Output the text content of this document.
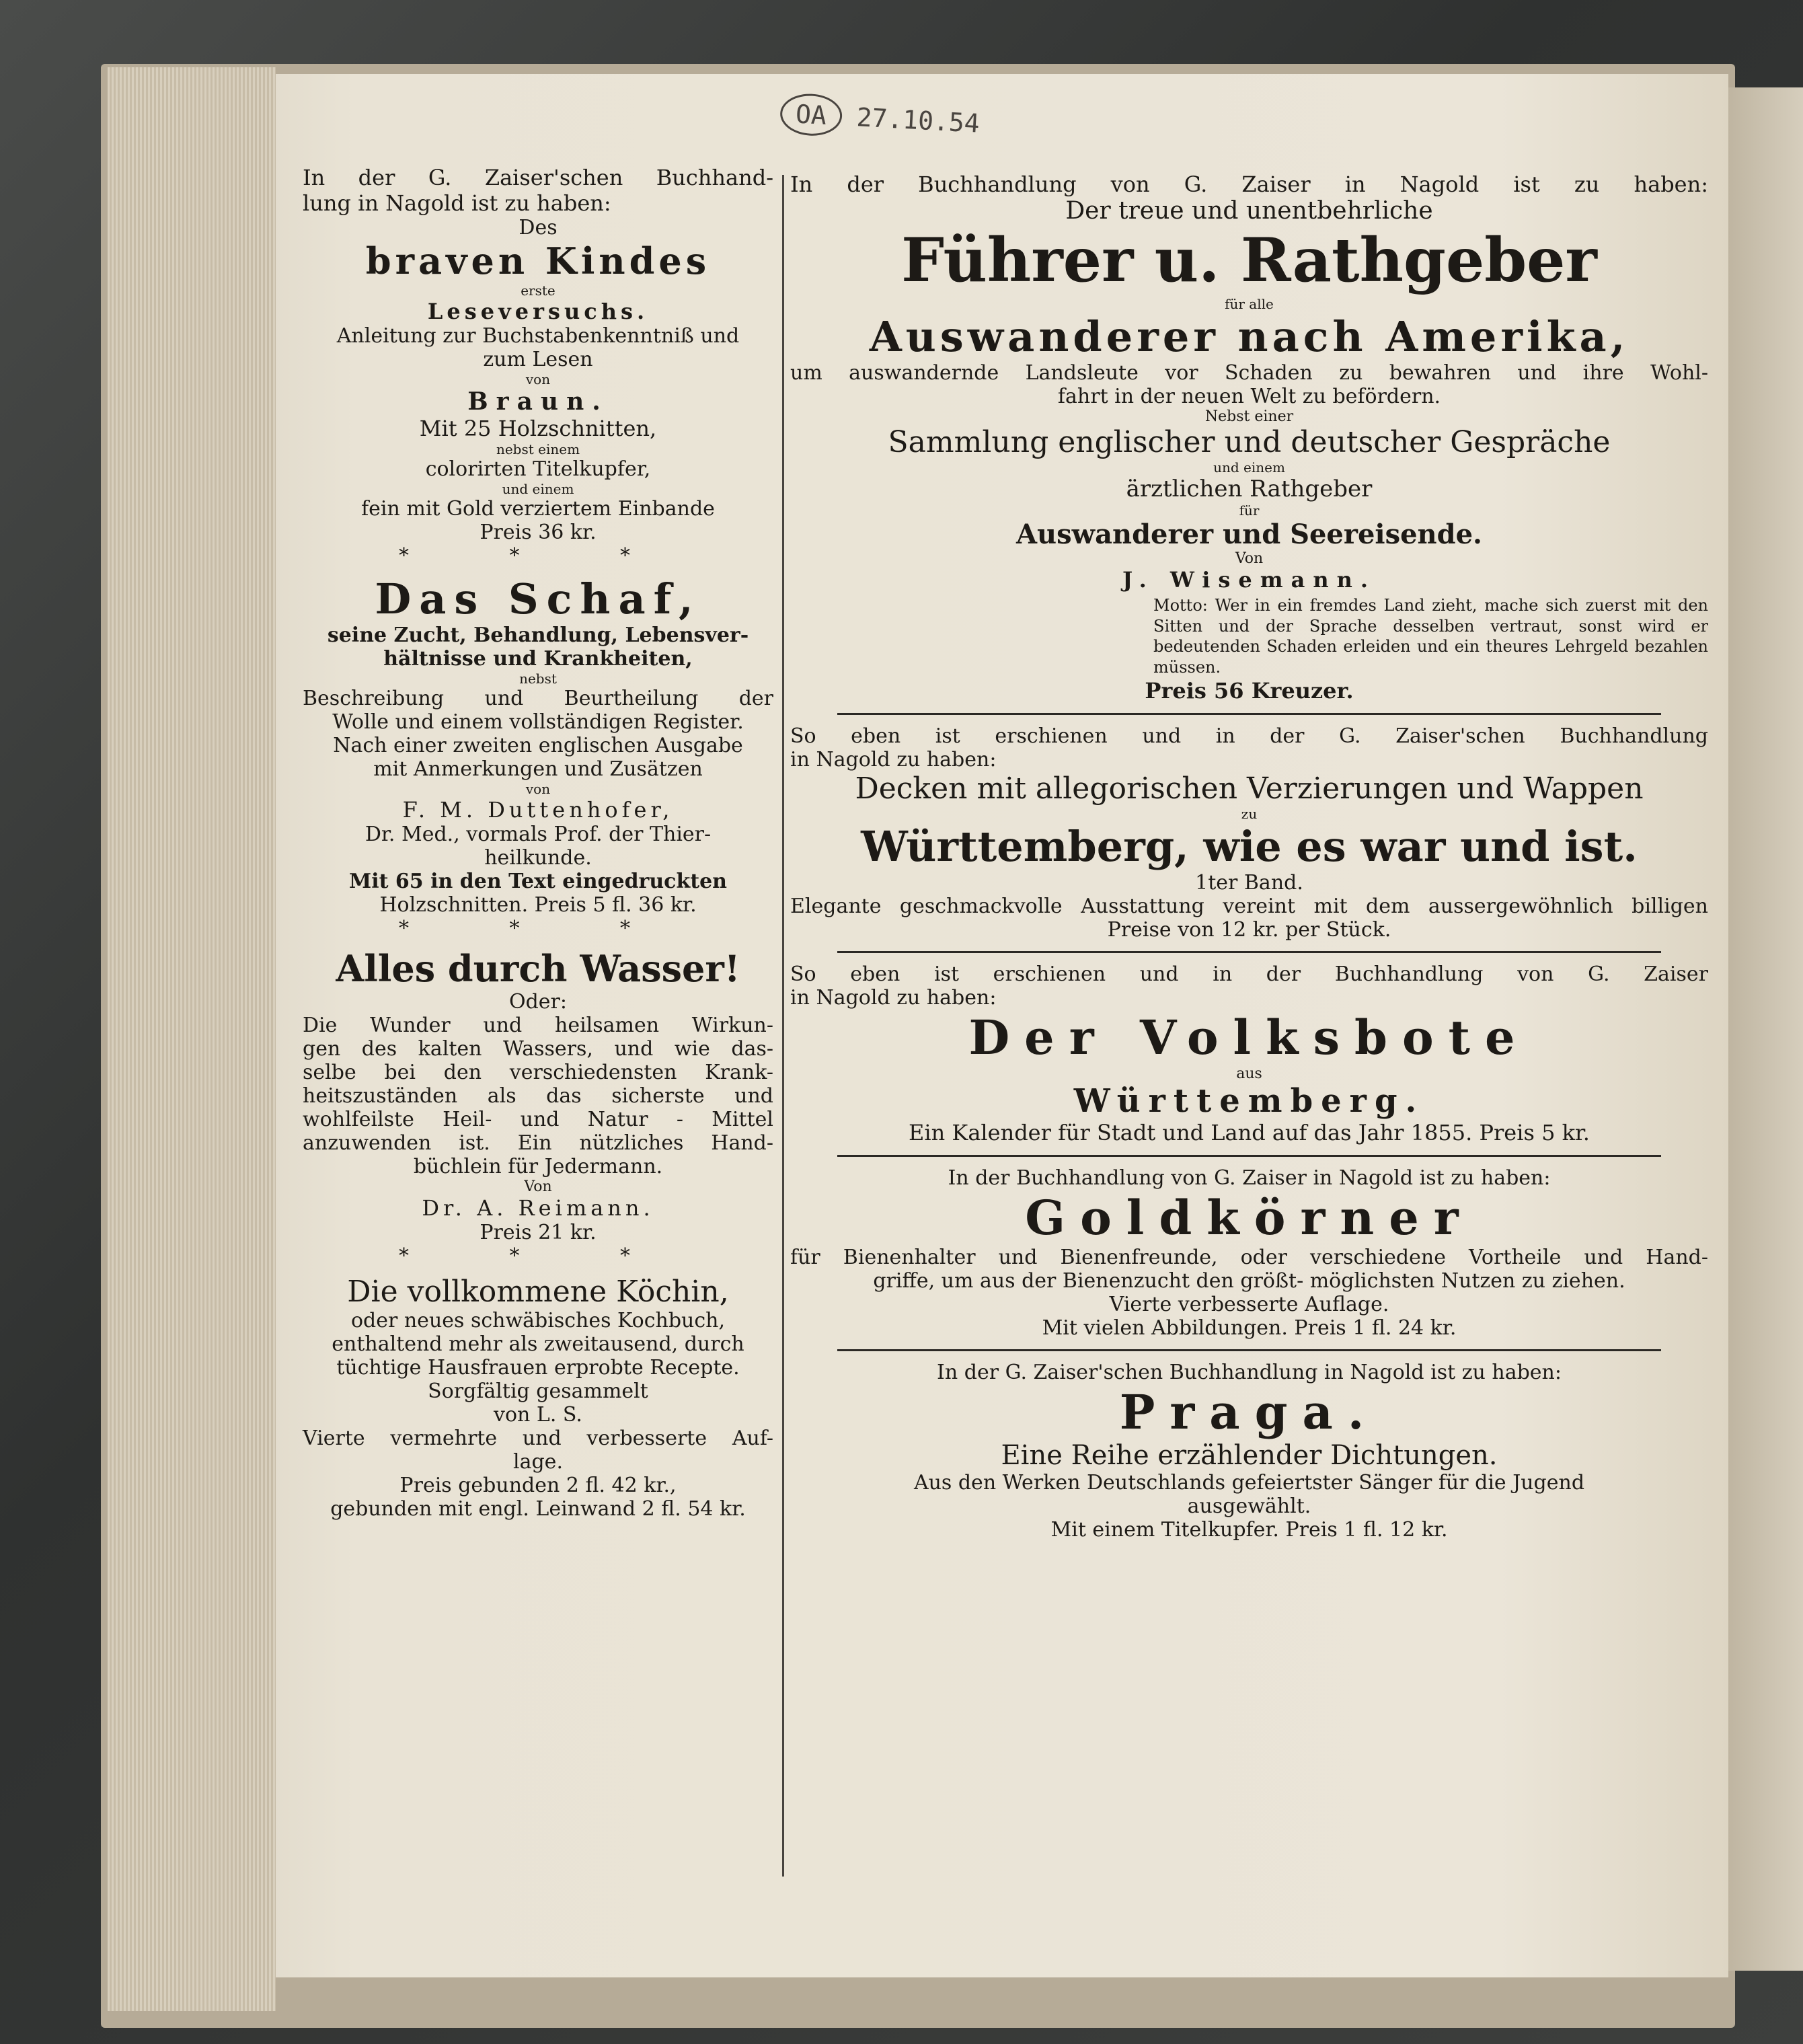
OA 27.10.54
In der G. Zaiser'schen Buchhand-
lung in Nagold ist zu haben:
Des
braven Kindes
erste
Leseversuchs.
Anleitung zur Buchstabenkenntniß und
zum Lesen
von
Braun.
Mit 25 Holzschnitten,
nebst einem
colorirten Titelkupfer,
und einem
fein mit Gold verziertem Einbande
Preis 36 kr.
* * *
Das Schaf,
seine Zucht, Behandlung, Lebensver-
hältnisse und Krankheiten,
nebst
Beschreibung und Beurtheilung der
Wolle und einem vollständigen Register.
Nach einer zweiten englischen Ausgabe
mit Anmerkungen und Zusätzen
von
F. M. Duttenhofer,
Dr. Med., vormals Prof. der Thier-
heilkunde.
Mit 65 in den Text eingedruckten
Holzschnitten. Preis 5 fl. 36 kr.
* * *
Alles durch Wasser!
Oder:
Die Wunder und heilsamen Wirkun-
gen des kalten Wassers, und wie das-
selbe bei den verschiedensten Krank-
heitszuständen als das sicherste und
wohlfeilste Heil- und Natur - Mittel
anzuwenden ist. Ein nützliches Hand-
büchlein für Jedermann.
Von
Dr. A. Reimann.
Preis 21 kr.
* * *
Die vollkommene Köchin,
oder neues schwäbisches Kochbuch,
enthaltend mehr als zweitausend, durch
tüchtige Hausfrauen erprobte Recepte.
Sorgfältig gesammelt
von L. S.
Vierte vermehrte und verbesserte Auf-
lage.
Preis gebunden 2 fl. 42 kr.,
gebunden mit engl. Leinwand 2 fl. 54 kr.
In der Buchhandlung von G. Zaiser in Nagold ist zu haben:
Der treue und unentbehrliche
Führer u. Rathgeber
für alle
Auswanderer nach Amerika,
um auswandernde Landsleute vor Schaden zu bewahren und ihre Wohl-
fahrt in der neuen Welt zu befördern.
Nebst einer
Sammlung englischer und deutscher Gespräche
und einem
ärztlichen Rathgeber
für
Auswanderer und Seereisende.
Von
J. Wisemann.
Motto: Wer in ein fremdes Land zieht, mache sich zuerst mit den Sitten und der Sprache desselben vertraut, sonst wird er bedeutenden Schaden erleiden und ein theures Lehrgeld bezahlen müssen.
Preis 56 Kreuzer.
So eben ist erschienen und in der G. Zaiser'schen Buchhandlung
in Nagold zu haben:
Decken mit allegorischen Verzierungen und Wappen
zu
Württemberg, wie es war und ist.
1ter Band.
Elegante geschmackvolle Ausstattung vereint mit dem aussergewöhnlich billigen
Preise von 12 kr. per Stück.
So eben ist erschienen und in der Buchhandlung von G. Zaiser
in Nagold zu haben:
Der Volksbote
aus
Württemberg.
Ein Kalender für Stadt und Land auf das Jahr 1855. Preis 5 kr.
In der Buchhandlung von G. Zaiser in Nagold ist zu haben:
Goldkörner
für Bienenhalter und Bienenfreunde, oder verschiedene Vortheile und Hand-
griffe, um aus der Bienenzucht den größt- möglichsten Nutzen zu ziehen.
Vierte verbesserte Auflage.
Mit vielen Abbildungen. Preis 1 fl. 24 kr.
In der G. Zaiser'schen Buchhandlung in Nagold ist zu haben:
Praga.
Eine Reihe erzählender Dichtungen.
Aus den Werken Deutschlands gefeiertster Sänger für die Jugend
ausgewählt.
Mit einem Titelkupfer. Preis 1 fl. 12 kr.
